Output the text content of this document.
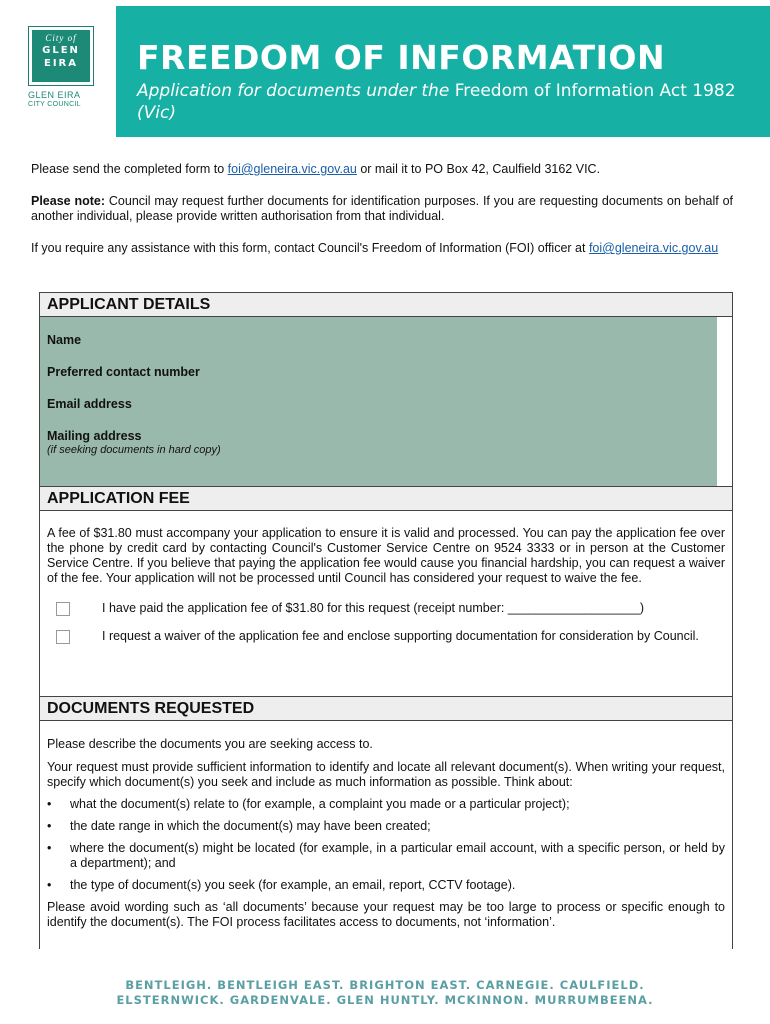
City of
GLEN
EIRA
GLEN EIRA
CITY COUNCIL
FREEDOM OF INFORMATION
Application for documents under the Freedom of Information Act 1982 (Vic)
Please send the completed form to foi@gleneira.vic.gov.au or mail it to PO Box 42, Caulfield 3162 VIC.
Please note: Council may request further documents for identification purposes. If you are requesting documents on behalf of another individual, please provide written authorisation from that individual.
If you require any assistance with this form, contact Council's Freedom of Information (FOI) officer at foi@gleneira.vic.gov.au
APPLICANT DETAILS
Name
Preferred contact number
Email address
Mailing address
(if seeking documents in hard copy)
APPLICATION FEE
A fee of $31.80 must accompany your application to ensure it is valid and processed. You can pay the application fee over the phone by credit card by contacting Council's Customer Service Centre on 9524 3333 or in person at the Customer Service Centre. If you believe that paying the application fee would cause you financial hardship, you can request a waiver of the fee. Your application will not be processed until Council has considered your request to waive the fee.
I have paid the application fee of $31.80 for this request (receipt number: ___________________)
I request a waiver of the application fee and enclose supporting documentation for consideration by Council.
DOCUMENTS REQUESTED
Please describe the documents you are seeking access to.
Your request must provide sufficient information to identify and locate all relevant document(s). When writing your request, specify which document(s) you seek and include as much information as possible. Think about:
• what the document(s) relate to (for example, a complaint you made or a particular project);
• the date range in which the document(s) may have been created;
• where the document(s) might be located (for example, in a particular email account, with a specific person, or held by a department); and
• the type of document(s) you seek (for example, an email, report, CCTV footage).
Please avoid wording such as ‘all documents’ because your request may be too large to process or specific enough to identify the document(s). The FOI process facilitates access to documents, not ‘information’.
BENTLEIGH. BENTLEIGH EAST. BRIGHTON EAST. CARNEGIE. CAULFIELD.
ELSTERNWICK. GARDENVALE. GLEN HUNTLY. MCKINNON. MURRUMBEENA.
